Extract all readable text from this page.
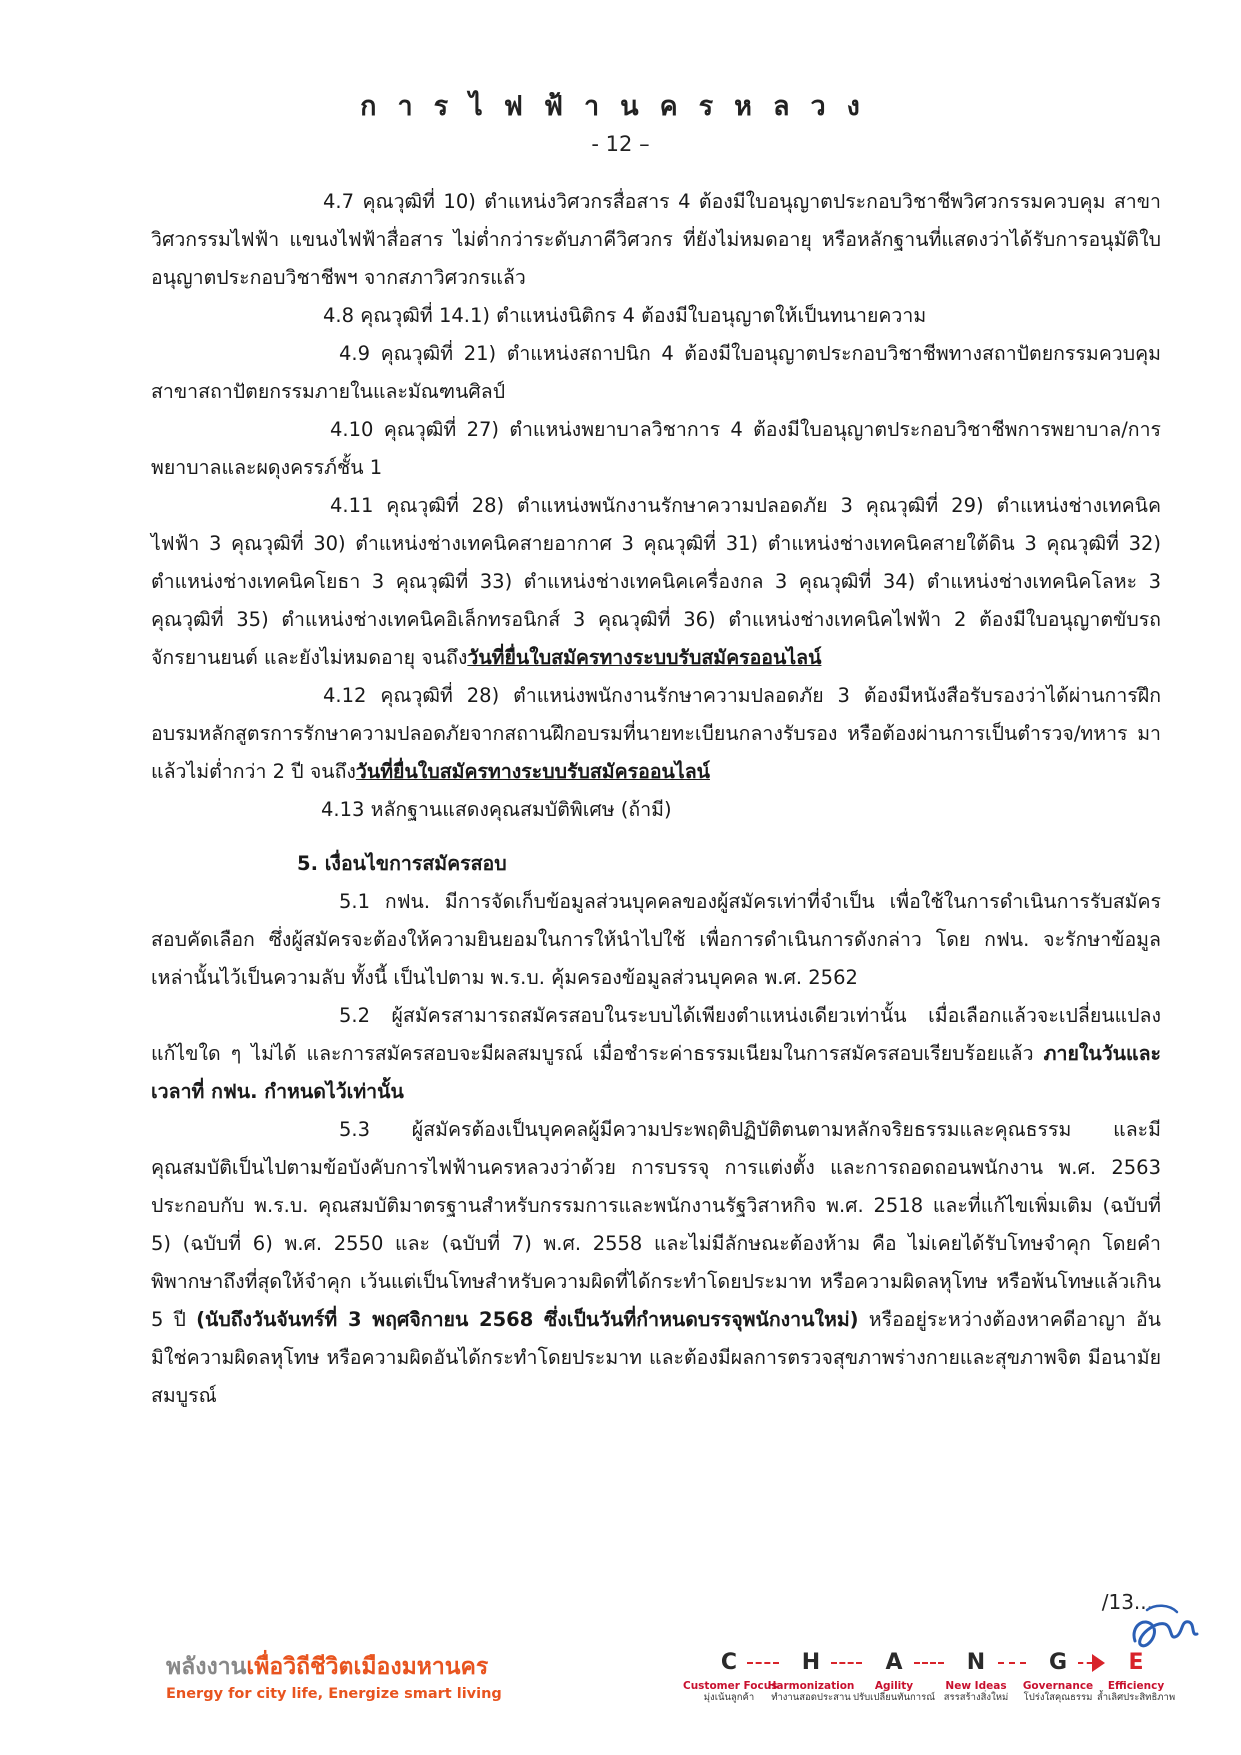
การไฟฟ้านครหลวง
- 12 –

4.7 คุณวุฒิที่ 10) ตำแหน่งวิศวกรสื่อสาร 4 ต้องมีใบอนุญาตประกอบวิชาชีพวิศวกรรมควบคุม สาขาวิศวกรรมไฟฟ้า แขนงไฟฟ้าสื่อสาร ไม่ต่ำกว่าระดับภาคีวิศวกร ที่ยังไม่หมดอายุ หรือหลักฐานที่แสดงว่าได้รับการอนุมัติใบอนุญาตประกอบวิชาชีพฯ จากสภาวิศวกรแล้ว

4.8 คุณวุฒิที่ 14.1) ตำแหน่งนิติกร 4 ต้องมีใบอนุญาตให้เป็นทนายความ

4.9 คุณวุฒิที่ 21) ตำแหน่งสถาปนิก 4 ต้องมีใบอนุญาตประกอบวิชาชีพทางสถาปัตยกรรมควบคุม สาขาสถาปัตยกรรมภายในและมัณฑนศิลป์

4.10 คุณวุฒิที่ 27) ตำแหน่งพยาบาลวิชาการ 4 ต้องมีใบอนุญาตประกอบวิชาชีพการพยาบาล/การพยาบาลและผดุงครรภ์ชั้น 1

4.11 คุณวุฒิที่ 28) ตำแหน่งพนักงานรักษาความปลอดภัย 3 คุณวุฒิที่ 29) ตำแหน่งช่างเทคนิคไฟฟ้า 3 คุณวุฒิที่ 30) ตำแหน่งช่างเทคนิคสายอากาศ 3 คุณวุฒิที่ 31) ตำแหน่งช่างเทคนิคสายใต้ดิน 3 คุณวุฒิที่ 32) ตำแหน่งช่างเทคนิคโยธา 3 คุณวุฒิที่ 33) ตำแหน่งช่างเทคนิคเครื่องกล 3 คุณวุฒิที่ 34) ตำแหน่งช่างเทคนิคโลหะ 3 คุณวุฒิที่ 35) ตำแหน่งช่างเทคนิคอิเล็กทรอนิกส์ 3 คุณวุฒิที่ 36) ตำแหน่งช่างเทคนิคไฟฟ้า 2 ต้องมีใบอนุญาตขับรถจักรยานยนต์ และยังไม่หมดอายุ จนถึงวันที่ยื่นใบสมัครทางระบบรับสมัครออนไลน์

4.12 คุณวุฒิที่ 28) ตำแหน่งพนักงานรักษาความปลอดภัย 3 ต้องมีหนังสือรับรองว่าได้ผ่านการฝึกอบรมหลักสูตรการรักษาความปลอดภัยจากสถานฝึกอบรมที่นายทะเบียนกลางรับรอง หรือต้องผ่านการเป็นตำรวจ/ทหาร มาแล้วไม่ต่ำกว่า 2 ปี จนถึงวันที่ยื่นใบสมัครทางระบบรับสมัครออนไลน์

4.13 หลักฐานแสดงคุณสมบัติพิเศษ (ถ้ามี)

5. เงื่อนไขการสมัครสอบ

5.1 กฟน. มีการจัดเก็บข้อมูลส่วนบุคคลของผู้สมัครเท่าที่จำเป็น เพื่อใช้ในการดำเนินการรับสมัครสอบคัดเลือก ซึ่งผู้สมัครจะต้องให้ความยินยอมในการให้นำไปใช้ เพื่อการดำเนินการดังกล่าว โดย กฟน. จะรักษาข้อมูลเหล่านั้นไว้เป็นความลับ ทั้งนี้ เป็นไปตาม พ.ร.บ. คุ้มครองข้อมูลส่วนบุคคล พ.ศ. 2562

5.2 ผู้สมัครสามารถสมัครสอบในระบบได้เพียงตำแหน่งเดียวเท่านั้น เมื่อเลือกแล้วจะเปลี่ยนแปลงแก้ไขใด ๆ ไม่ได้ และการสมัครสอบจะมีผลสมบูรณ์ เมื่อชำระค่าธรรมเนียมในการสมัครสอบเรียบร้อยแล้ว ภายในวันและเวลาที่ กฟน. กำหนดไว้เท่านั้น

5.3 ผู้สมัครต้องเป็นบุคคลผู้มีความประพฤติปฏิบัติตนตามหลักจริยธรรมและคุณธรรม และมีคุณสมบัติเป็นไปตามข้อบังคับการไฟฟ้านครหลวงว่าด้วย การบรรจุ การแต่งตั้ง และการถอดถอนพนักงาน พ.ศ. 2563 ประกอบกับ พ.ร.บ. คุณสมบัติมาตรฐานสำหรับกรรมการและพนักงานรัฐวิสาหกิจ พ.ศ. 2518 และที่แก้ไขเพิ่มเติม (ฉบับที่ 5) (ฉบับที่ 6) พ.ศ. 2550 และ (ฉบับที่ 7) พ.ศ. 2558 และไม่มีลักษณะต้องห้าม คือ ไม่เคยได้รับโทษจำคุก โดยคำพิพากษาถึงที่สุดให้จำคุก เว้นแต่เป็นโทษสำหรับความผิดที่ได้กระทำโดยประมาท หรือความผิดลหุโทษ หรือพ้นโทษแล้วเกิน 5 ปี (นับถึงวันจันทร์ที่ 3 พฤศจิกายน 2568 ซึ่งเป็นวันที่กำหนดบรรจุพนักงานใหม่) หรืออยู่ระหว่างต้องหาคดีอาญา อันมิใช่ความผิดลหุโทษ หรือความผิดอันได้กระทำโดยประมาท และต้องมีผลการตรวจสุขภาพร่างกายและสุขภาพจิต มีอนามัยสมบูรณ์

/13...
พลังงานเพื่อวิถีชีวิตเมืองมหานคร
Energy for city life, Energize smart living
C
Customer Focus
มุ่งเน้นลูกค้า
H
Harmonization
ทำงานสอดประสาน
A
Agility
ปรับเปลี่ยนทันการณ์
N
New Ideas
สรรสร้างสิ่งใหม่
G
Governance
โปร่งใสคุณธรรม
E
Efficiency
ล้ำเลิศประสิทธิภาพ
